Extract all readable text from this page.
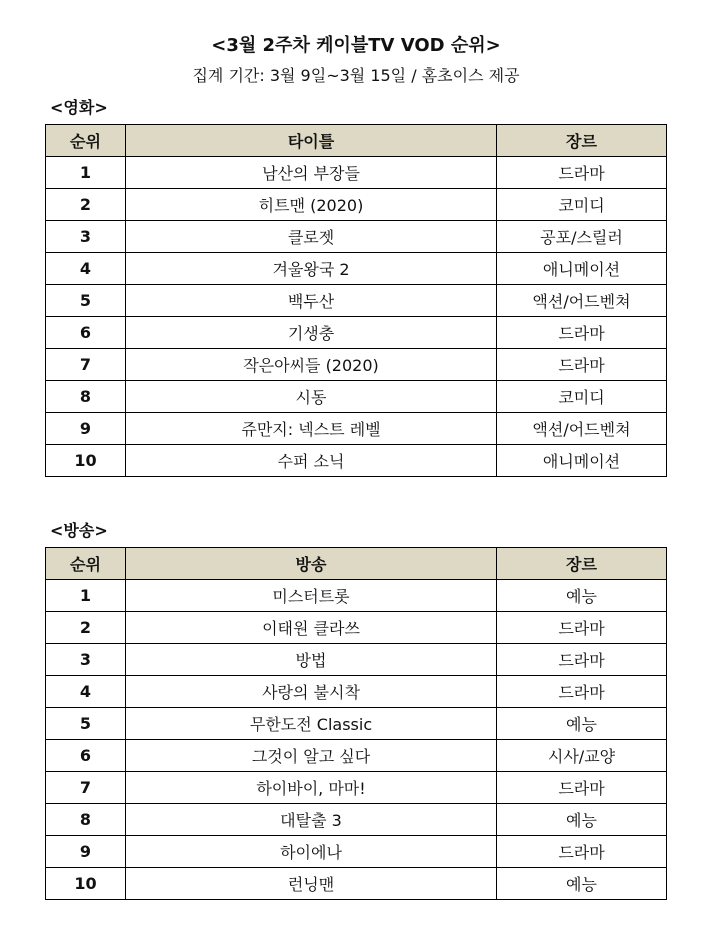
<3월 2주차 케이블TV VOD 순위>
집계 기간: 3월 9일~3월 15일 / 홈초이스 제공
<영화>
순위	타이틀	장르
1	남산의 부장들	드라마
2	히트맨 (2020)	코미디
3	클로젯	공포/스릴러
4	겨울왕국 2	애니메이션
5	백두산	액션/어드벤쳐
6	기생충	드라마
7	작은아씨들 (2020)	드라마
8	시동	코미디
9	쥬만지: 넥스트 레벨	액션/어드벤쳐
10	수퍼 소닉	애니메이션
<방송>
순위	방송	장르
1	미스터트롯	예능
2	이태원 클라쓰	드라마
3	방법	드라마
4	사랑의 불시착	드라마
5	무한도전 Classic	예능
6	그것이 알고 싶다	시사/교양
7	하이바이, 마마!	드라마
8	대탈출 3	예능
9	하이에나	드라마
10	런닝맨	예능
